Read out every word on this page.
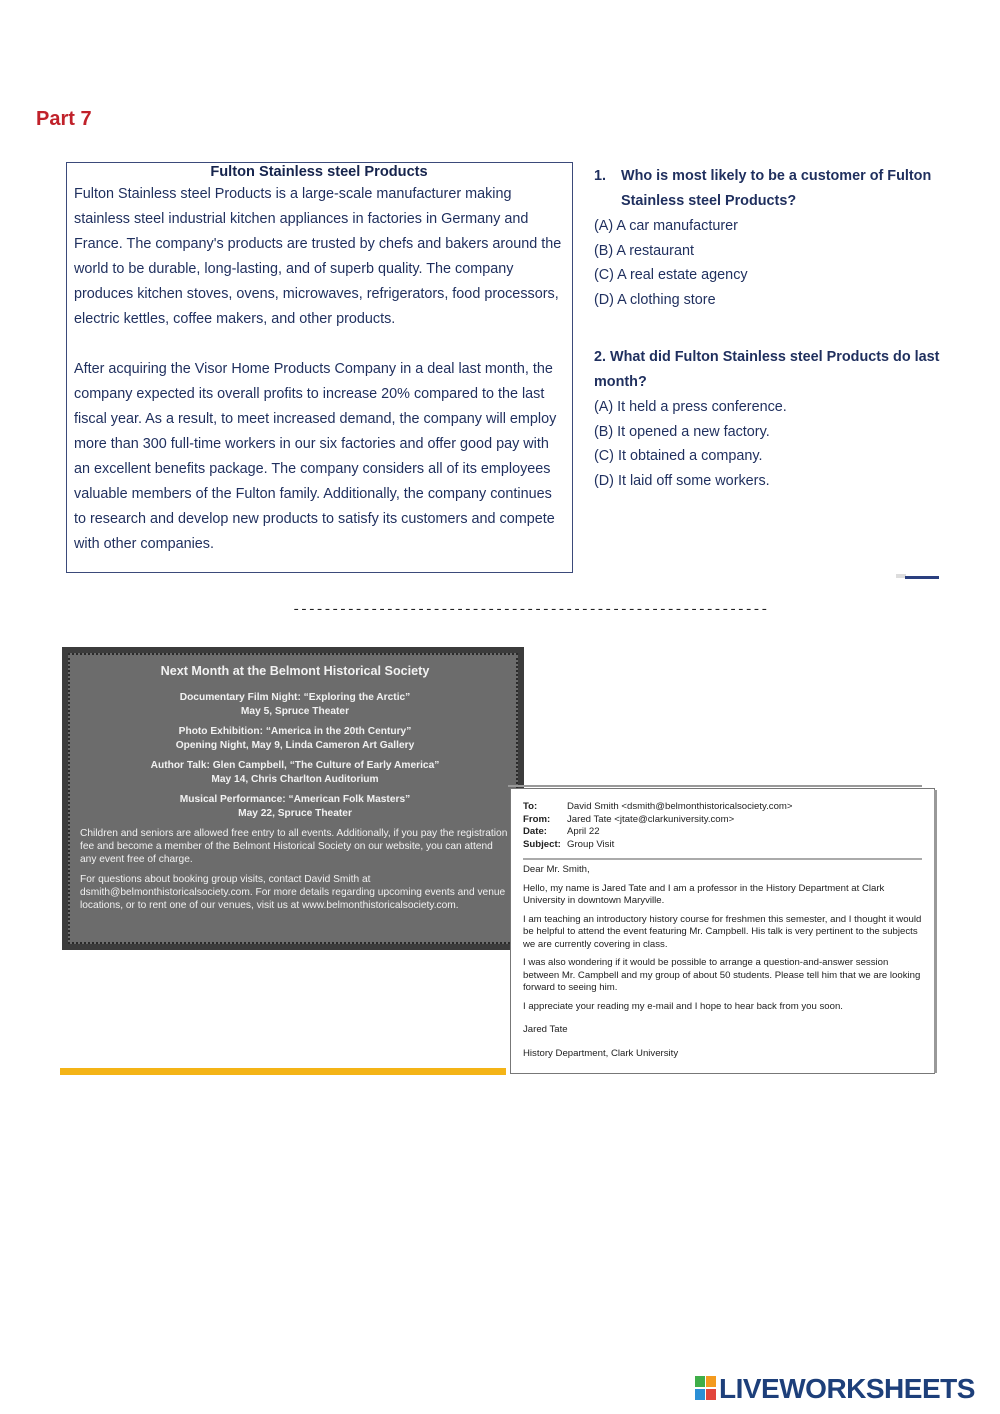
Part 7
Fulton Stainless steel Products

Fulton Stainless steel Products is a large-scale manufacturer making stainless steel industrial kitchen appliances in factories in Germany and France. The company's products are trusted by chefs and bakers around the world to be durable, long-lasting, and of superb quality. The company produces kitchen stoves, ovens, microwaves, refrigerators, food processors, electric kettles, coffee makers, and other products.

After acquiring the Visor Home Products Company in a deal last month, the company expected its overall profits to increase 20% compared to the last fiscal year. As a result, to meet increased demand, the company will employ more than 300 full-time workers in our six factories and offer good pay with an excellent benefits package. The company considers all of its employees valuable members of the Fulton family. Additionally, the company continues to research and develop new products to satisfy its customers and compete with other companies.

1.	Who is most likely to be a customer of Fulton Stainless steel Products?
(A) A car manufacturer
(B) A restaurant
(C) A real estate agency
(D) A clothing store
2. What did Fulton Stainless steel Products do last month?
(A) It held a press conference.
(B) It opened a new factory.
(C) It obtained a company.
(D) It laid off some workers.
-------------------------------------------------------------
Next Month at the Belmont Historical Society
Documentary Film Night: “Exploring the Arctic”
May 5, Spruce Theater
Photo Exhibition: “America in the 20th Century”
Opening Night, May 9, Linda Cameron Art Gallery
Author Talk: Glen Campbell, “The Culture of Early America”
May 14, Chris Charlton Auditorium
Musical Performance: “American Folk Masters”
May 22, Spruce Theater
Children and seniors are allowed free entry to all events. Additionally, if you pay the registration fee and become a member of the Belmont Historical Society on our website, you can attend any event free of charge.
For questions about booking group visits, contact David Smith at dsmith@belmonthistoricalsociety.com. For more details regarding upcoming events and venue locations, or to rent one of our venues, visit us at www.belmonthistoricalsociety.com.
To:	David Smith <dsmith@belmonthistoricalsociety.com>
From:	Jared Tate <jtate@clarkuniversity.com>
Date:	April 22
Subject: Group Visit

Dear Mr. Smith,

Hello, my name is Jared Tate and I am a professor in the History Department at Clark University in downtown Maryville.

I am teaching an introductory history course for freshmen this semester, and I thought it would be helpful to attend the event featuring Mr. Campbell. His talk is very pertinent to the subjects we are currently covering in class.

I was also wondering if it would be possible to arrange a question-and-answer session between Mr. Campbell and my group of about 50 students. Please tell him that we are looking forward to seeing him.

I appreciate your reading my e-mail and I hope to hear back from you soon.

Jared Tate

History Department, Clark University

LIVEWORKSHEETS
